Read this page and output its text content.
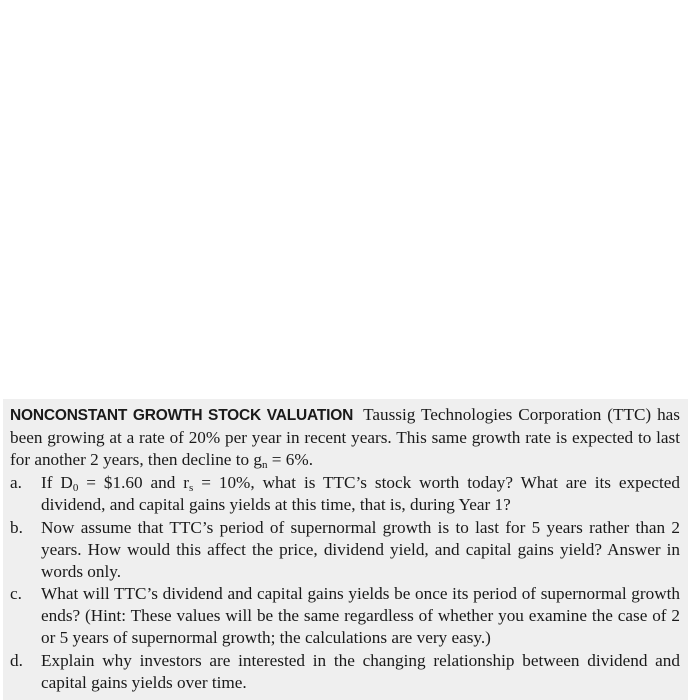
NONCONSTANT GROWTH STOCK VALUATION Taussig Technologies Corporation (TTC) has been growing at a rate of 20% per year in recent years. This same growth rate is expected to last for another 2 years, then decline to $g_n = 6\%$.

a.	If $D_0$ = $1.60 and $r_s = 10\%$, what is TTC’s stock worth today? What are its expected dividend, and capital gains yields at this time, that is, during Year 1?
b.	Now assume that TTC’s period of supernormal growth is to last for 5 years rather than 2 years. How would this affect the price, dividend yield, and capital gains yield? Answer in words only.
c.	What will TTC’s dividend and capital gains yields be once its period of supernormal growth ends? (Hint: These values will be the same regardless of whether you examine the case of 2 or 5 years of supernormal growth; the calculations are very easy.)
d.	Explain why investors are interested in the changing relationship between dividend and capital gains yields over time.
